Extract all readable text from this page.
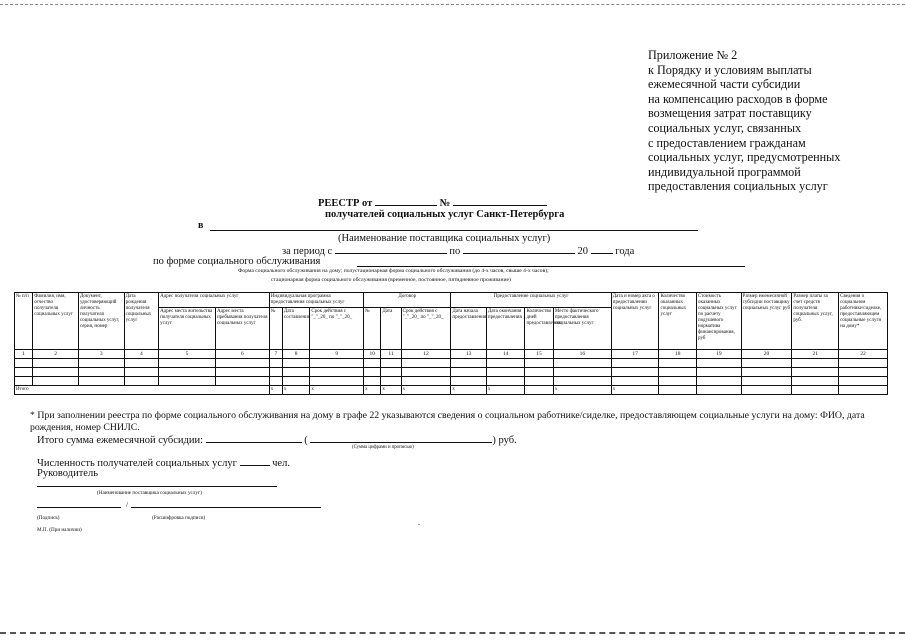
Приложение № 2
к Порядку и условиям выплаты
ежемесячной части субсидии
на компенсацию расходов в форме
возмещения затрат поставщику
социальных услуг, связанных
с предоставлением гражданам
социальных услуг, предусмотренных
индивидуальной программой
предоставления социальных услуг
РЕЕСТР от	№
получателей социальных услуг Санкт-Петербурга
в
(Наименование поставщика социальных услуг)
за период с	по	20	года
по форме социального обслуживания
Форма социального обслуживания на дому; полустационарная форма социального обслуживания (до 4-х часов, свыше 4-х часов);
стационарная форма социального обслуживания (временное, постоянное, пятидневное проживание)
№ п/п	Фамилия, имя, отчество получателя социальных услуг	Документ, удостоверяющий личность получателя социальных услуг, серия, номер	Дата рождения получателя социальных услуг	Адрес получателя социальных услуг		Индивидуальная программа предоставления социальных услуг			Договор			Предоставление социальных услуг				Дата и номер акта о предоставлении социальных услуг	Количество оказанных социальных услуг	Стоимость оказанных социальных услуг по расчету подушевого норматива финансирования, руб	Размер ежемесячной субсидии поставщику социальных услуг руб	Размер платы за счет средств получателя социальных услуг, руб.	Сведения о социальном работнике/сиделке, предоставляющем социальные услуги на дому*
				Адрес места жительства получателя социальных услуг	Адрес места пребывания получателя социальных услуг	№	Дата составления	Срок действия с "_"_20_ по "_"_20_	№	Дата	Срок действия с "_"_20_ по "_"_20_	Дата начала предоставления	Дата окончания предоставления	Количество дней предоставления	Место фактического предоставления социальных услуг						
1	2	3	4	5	6	7	8	9	10	11	12	13	14	15	16	17	18	19	20	21	22

Итого						x	x	x	x	x	x	x	x		x	x					
* При заполнении реестра по форме социального обслуживания на дому в графе 22 указываются сведения о социальном работнике/сиделке, предоставляющем социальные услуги на дому: ФИО, дата рождения, номер СНИЛС.
Итого сумма ежемесячной субсидии:	(	) руб.
(Сумма цифрами и прописью)
Численность получателей социальных услуг	чел.
Руководитель
(Наименование поставщика социальных услуг)
/
(Подпись)	(Расшифровка подписи)
М.П. (При наличии)
